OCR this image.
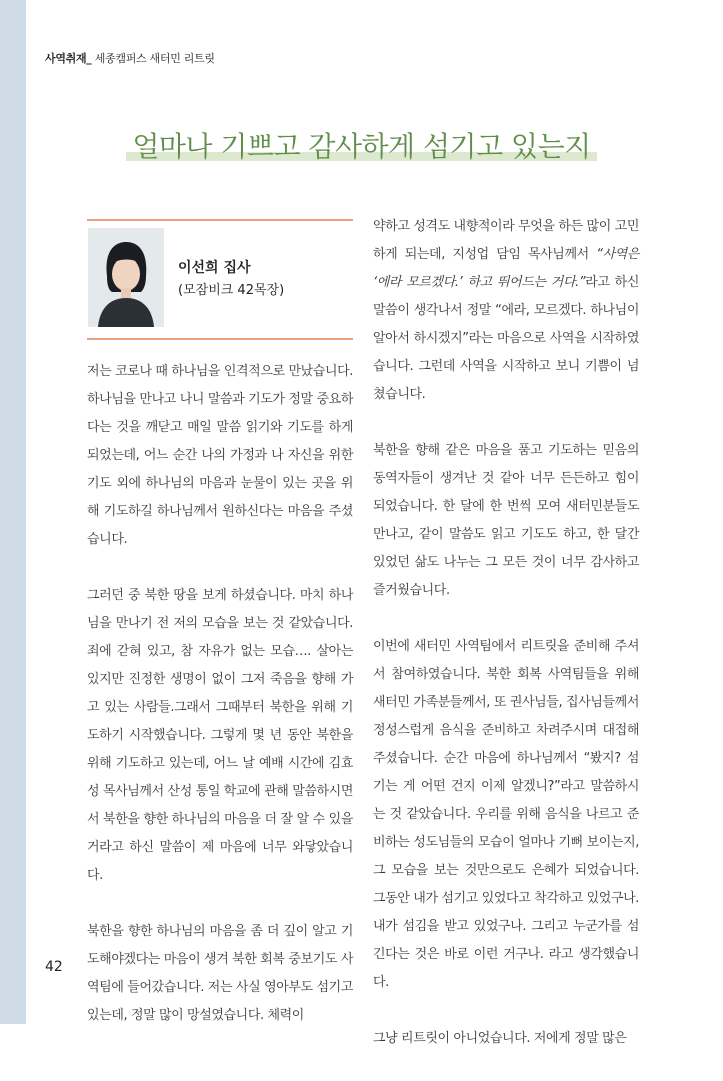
사역취재_ 세종캠퍼스 새터민 리트릿
얼마나 기쁘고 감사하게 섬기고 있는지
이선희 집사
(모잠비크 42목장)

저는 코로나 때 하나님을 인격적으로 만났습니다. 하나님을 만나고 나니 말씀과 기도가 정말 중요하다는 것을 깨닫고 매일 말씀 읽기와 기도를 하게 되었는데, 어느 순간 나의 가정과 나 자신을 위한 기도 외에 하나님의 마음과 눈물이 있는 곳을 위해 기도하길 하나님께서 원하신다는 마음을 주셨습니다.

그러던 중 북한 땅을 보게 하셨습니다. 마치 하나님을 만나기 전 저의 모습을 보는 것 같았습니다. 죄에 갇혀 있고, 참 자유가 없는 모습…. 살아는 있지만 진정한 생명이 없이 그저 죽음을 향해 가고 있는 사람들.그래서 그때부터 북한을 위해 기도하기 시작했습니다. 그렇게 몇 년 동안 북한을 위해 기도하고 있는데, 어느 날 예배 시간에 김효성 목사님께서 산성 통일 학교에 관해 말씀하시면서 북한을 향한 하나님의 마음을 더 잘 알 수 있을 거라고 하신 말씀이 제 마음에 너무 와닿았습니다.

북한을 향한 하나님의 마음을 좀 더 깊이 알고 기도해야겠다는 마음이 생겨 북한 회복 중보기도 사역팀에 들어갔습니다. 저는 사실 영아부도 섬기고 있는데, 정말 많이 망설였습니다. 체력이

약하고 성격도 내향적이라 무엇을 하든 많이 고민하게 되는데, 지성업 담임 목사님께서 “사역은 ‘에라 모르겠다.’ 하고 뛰어드는 거다.”라고 하신 말씀이 생각나서 정말 “에라, 모르겠다. 하나님이 알아서 하시겠지”라는 마음으로 사역을 시작하였습니다. 그런데 사역을 시작하고 보니 기쁨이 넘쳤습니다.

북한을 향해 같은 마음을 품고 기도하는 믿음의 동역자들이 생겨난 것 같아 너무 든든하고 힘이 되었습니다. 한 달에 한 번씩 모여 새터민분들도 만나고, 같이 말씀도 읽고 기도도 하고, 한 달간 있었던 삶도 나누는 그 모든 것이 너무 감사하고 즐거웠습니다.

이번에 새터민 사역팀에서 리트릿을 준비해 주셔서 참여하였습니다. 북한 회복 사역팀들을 위해 새터민 가족분들께서, 또 권사님들, 집사님들께서 정성스럽게 음식을 준비하고 차려주시며 대접해 주셨습니다. 순간 마음에 하나님께서 “봤지? 섬기는 게 어떤 건지 이제 알겠니?”라고 말씀하시는 것 같았습니다. 우리를 위해 음식을 나르고 준비하는 성도님들의 모습이 얼마나 기뻐 보이는지, 그 모습을 보는 것만으로도 은혜가 되었습니다. 그동안 내가 섬기고 있었다고 착각하고 있었구나. 내가 섬김을 받고 있었구나. 그리고 누군가를 섬긴다는 것은 바로 이런 거구나. 라고 생각했습니다.

그냥 리트릿이 아니었습니다. 저에게 정말 많은

42
